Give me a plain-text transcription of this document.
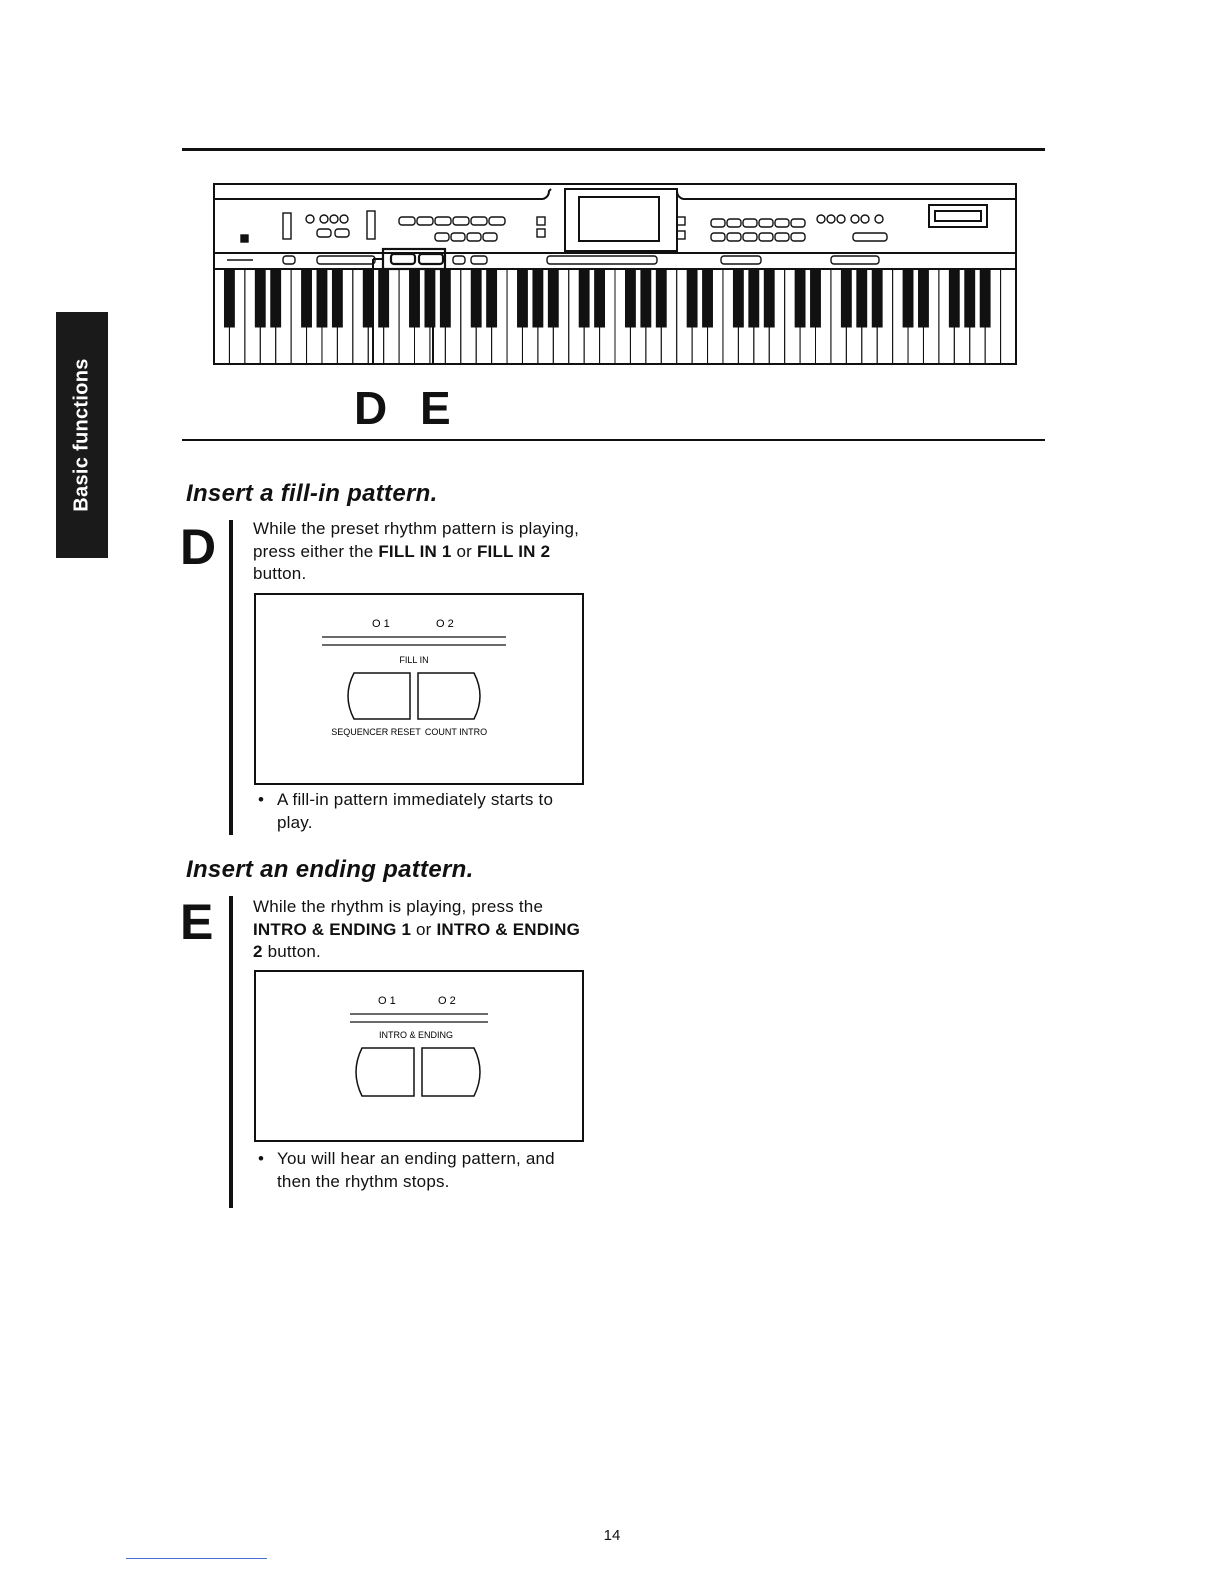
Basic functions	D E
Insert a fill-in pattern.
D While the preset rhythm pattern is playing, press either the FILL IN 1 or FILL IN 2 button.
O 1	O 2
FILL IN
SEQUENCER RESET COUNT INTRO
• A fill-in pattern immediately starts to play.
Insert an ending pattern.
E While the rhythm is playing, press the INTRO & ENDING 1 or INTRO & ENDING 2 button.
O 1	O 2
INTRO & ENDING
• You will hear an ending pattern, and then the rhythm stops.
14
